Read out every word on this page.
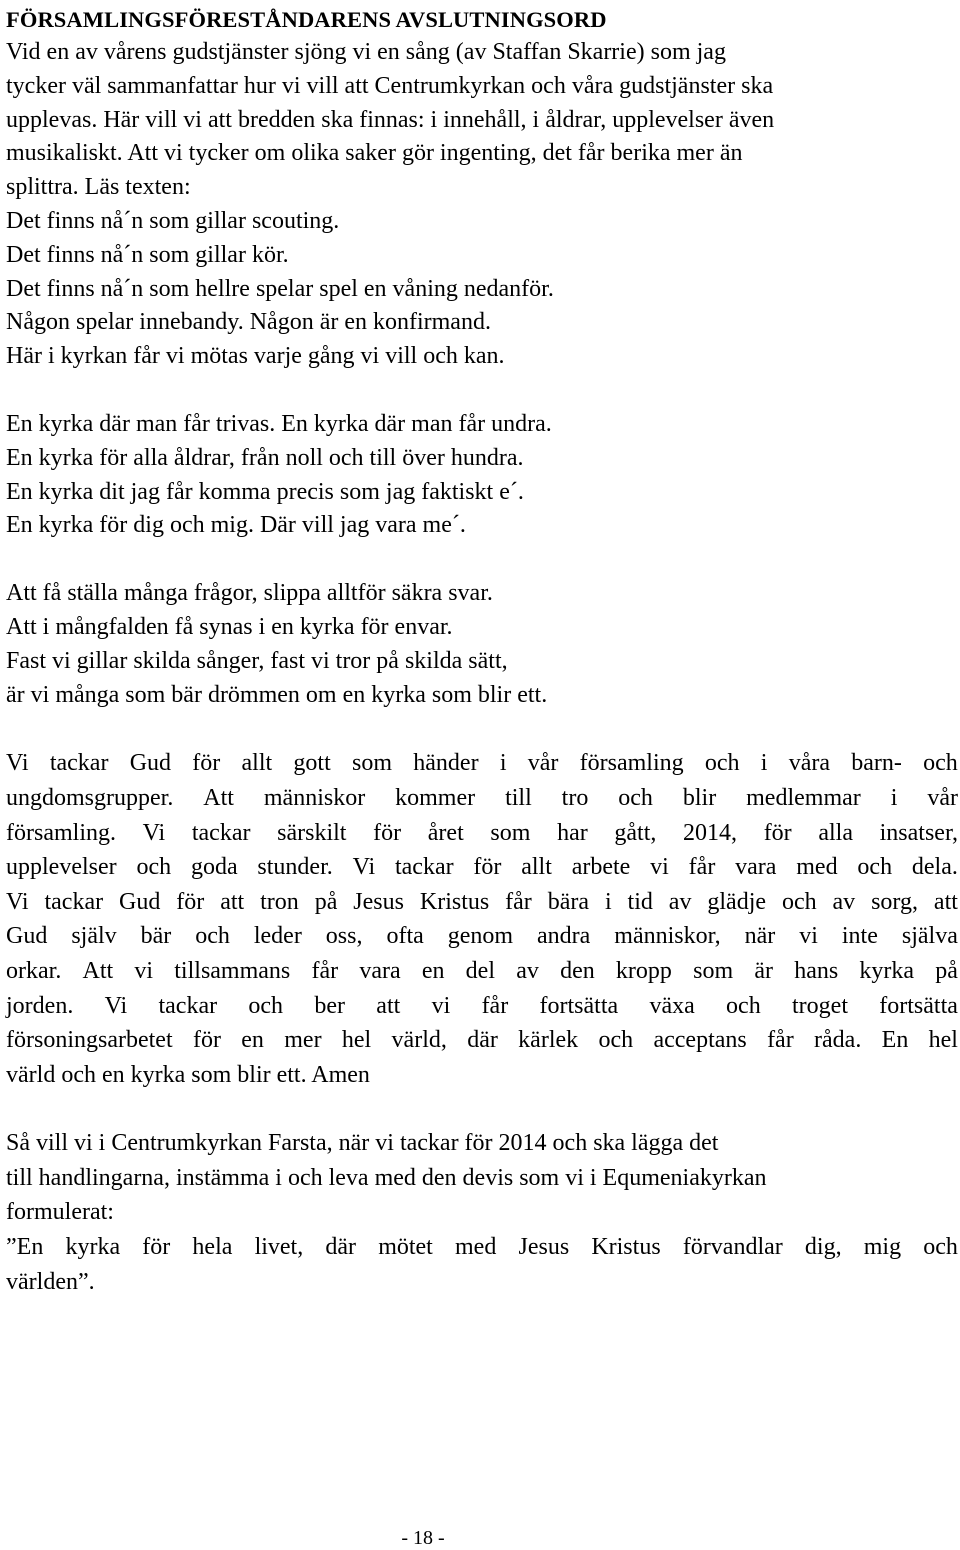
FÖRSAMLINGSFÖRESTÅNDARENS AVSLUTNINGSORD
Vid en av vårens gudstjänster sjöng vi en sång (av Staffan Skarrie) som jag
tycker väl sammanfattar hur vi vill att Centrumkyrkan och våra gudstjänster ska
upplevas. Här vill vi att bredden ska finnas: i innehåll, i åldrar, upplevelser även
musikaliskt. Att vi tycker om olika saker gör ingenting, det får berika mer än
splittra. Läs texten:
Det finns nå´n som gillar scouting.
Det finns nå´n som gillar kör.
Det finns nå´n som hellre spelar spel en våning nedanför.
Någon spelar innebandy. Någon är en konfirmand.
Här i kyrkan får vi mötas varje gång vi vill och kan.
En kyrka där man får trivas. En kyrka där man får undra.
En kyrka för alla åldrar, från noll och till över hundra.
En kyrka dit jag får komma precis som jag faktiskt e´.
En kyrka för dig och mig. Där vill jag vara me´.
Att få ställa många frågor, slippa alltför säkra svar.
Att i mångfalden få synas i en kyrka för envar.
Fast vi gillar skilda sånger, fast vi tror på skilda sätt,
är vi många som bär drömmen om en kyrka som blir ett.
Vi tackar Gud för allt gott som händer i vår församling och i våra barn- och
ungdomsgrupper. Att människor kommer till tro och blir medlemmar i vår
församling. Vi tackar särskilt för året som har gått, 2014, för alla insatser,
upplevelser och goda stunder. Vi tackar för allt arbete vi får vara med och dela.
Vi tackar Gud för att tron på Jesus Kristus får bära i tid av glädje och av sorg, att
Gud själv bär och leder oss, ofta genom andra människor, när vi inte själva
orkar. Att vi tillsammans får vara en del av den kropp som är hans kyrka på
jorden. Vi tackar och ber att vi får fortsätta växa och troget fortsätta
försoningsarbetet för en mer hel värld, där kärlek och acceptans får råda. En hel
värld och en kyrka som blir ett. Amen
Så vill vi i Centrumkyrkan Farsta, när vi tackar för 2014 och ska lägga det
till handlingarna, instämma i och leva med den devis som vi i Equmeniakyrkan
formulerat:
”En kyrka för hela livet, där mötet med Jesus Kristus förvandlar dig, mig och
världen”.
- 18 -
